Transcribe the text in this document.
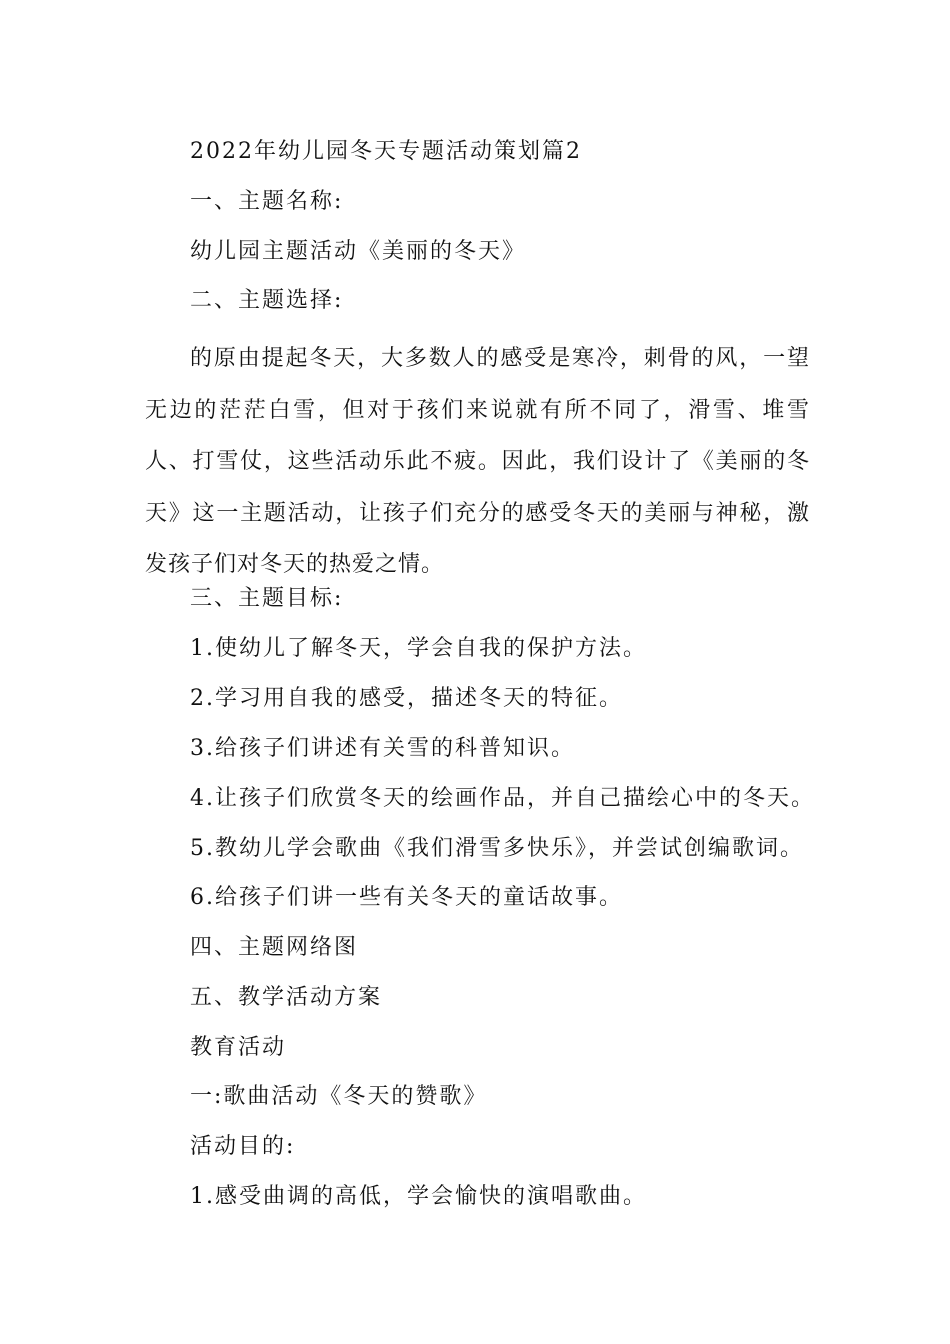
2022年幼儿园冬天专题活动策划篇2
一、主题名称:
幼儿园主题活动《美丽的冬天》
二、主题选择:

的原由提起冬天，大多数人的感受是寒冷，刺骨的风，一望无边的茫茫白雪，但对于孩们来说就有所不同了，滑雪、堆雪人、打雪仗，这些活动乐此不疲。因此，我们设计了《美丽的冬天》这一主题活动，让孩子们充分的感受冬天的美丽与神秘，激发孩子们对冬天的热爱之情。

三、主题目标:
1.使幼儿了解冬天，学会自我的保护方法。
2.学习用自我的感受，描述冬天的特征。
3.给孩子们讲述有关雪的科普知识。
4.让孩子们欣赏冬天的绘画作品，并自己描绘心中的冬天。
5.教幼儿学会歌曲《我们滑雪多快乐》，并尝试创编歌词。
6.给孩子们讲一些有关冬天的童话故事。
四、主题网络图
五、教学活动方案
教育活动
一:歌曲活动《冬天的赞歌》
活动目的:
1.感受曲调的高低，学会愉快的演唱歌曲。
